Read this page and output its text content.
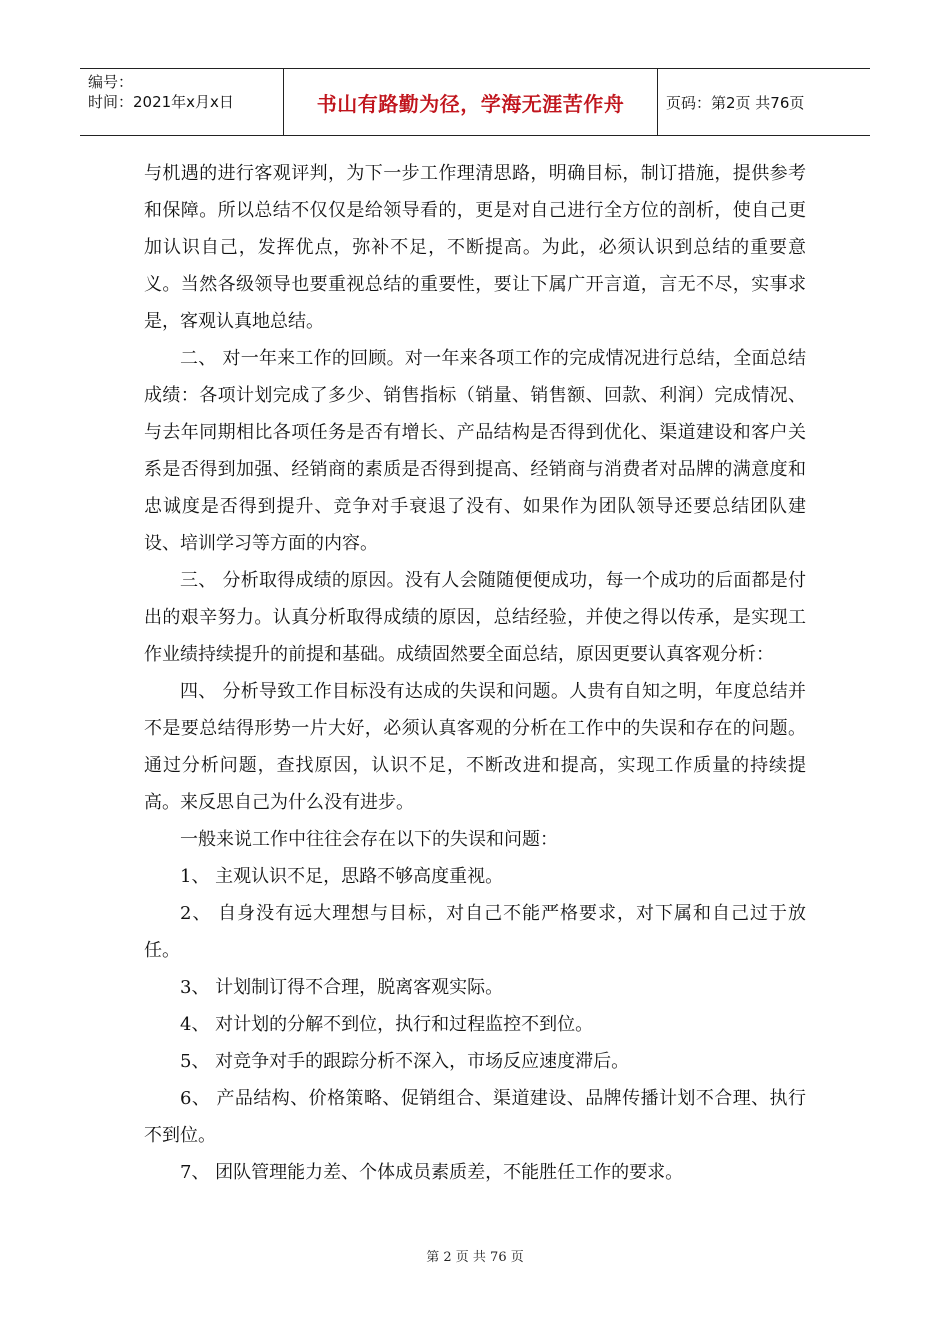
编号：
时间：2021年x月x日	书山有路勤为径，学海无涯苦作舟	页码：第2页 共76页

与机遇的进行客观评判，为下一步工作理清思路，明确目标，制订措施，提供参考和保障。所以总结不仅仅是给领导看的，更是对自己进行全方位的剖析，使自己更加认识自己，发挥优点，弥补不足，不断提高。为此，必须认识到总结的重要意义。当然各级领导也要重视总结的重要性，要让下属广开言道，言无不尽，实事求是，客观认真地总结。

二、 对一年来工作的回顾。对一年来各项工作的完成情况进行总结，全面总结成绩：各项计划完成了多少、销售指标（销量、销售额、回款、利润）完成情况、与去年同期相比各项任务是否有增长、产品结构是否得到优化、渠道建设和客户关系是否得到加强、经销商的素质是否得到提高、经销商与消费者对品牌的满意度和忠诚度是否得到提升、竞争对手衰退了没有、如果作为团队领导还要总结团队建设、培训学习等方面的内容。

三、 分析取得成绩的原因。没有人会随随便便成功，每一个成功的后面都是付出的艰辛努力。认真分析取得成绩的原因，总结经验，并使之得以传承，是实现工作业绩持续提升的前提和基础。成绩固然要全面总结，原因更要认真客观分析：

四、 分析导致工作目标没有达成的失误和问题。人贵有自知之明，年度总结并不是要总结得形势一片大好，必须认真客观的分析在工作中的失误和存在的问题。通过分析问题，查找原因，认识不足，不断改进和提高，实现工作质量的持续提高。来反思自己为什么没有进步。

一般来说工作中往往会存在以下的失误和问题：

1、 主观认识不足，思路不够高度重视。

2、 自身没有远大理想与目标，对自己不能严格要求，对下属和自己过于放任。

3、 计划制订得不合理，脱离客观实际。

4、 对计划的分解不到位，执行和过程监控不到位。

5、 对竞争对手的跟踪分析不深入，市场反应速度滞后。

6、 产品结构、价格策略、促销组合、渠道建设、品牌传播计划不合理、执行不到位。

7、 团队管理能力差、个体成员素质差，不能胜任工作的要求。

第 2 页 共 76 页
